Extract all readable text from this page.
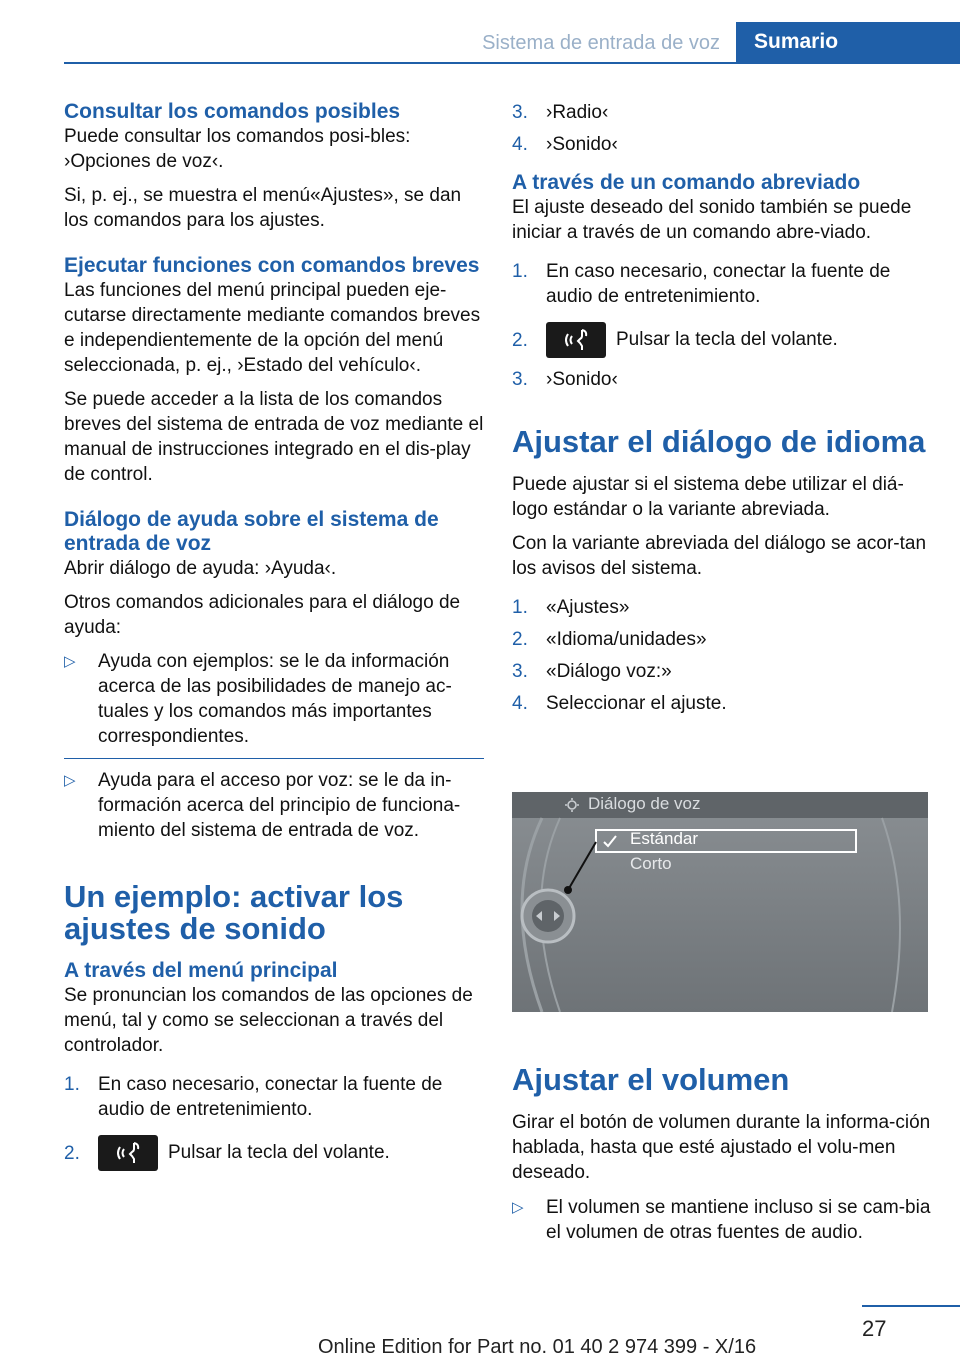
Sistema de entrada de voz	Sumario
Consultar los comandos posibles

Puede consultar los comandos posi‐bles: ›Opciones de voz‹.

Si, p. ej., se muestra el menú«Ajustes», se dan los comandos para los ajustes.

Ejecutar funciones con comandos breves

Las funciones del menú principal pueden eje‐cutarse directamente mediante comandos breves e independientemente de la opción del menú seleccionada, p. ej., ›Estado del vehículo‹.

Se puede acceder a la lista de los comandos breves del sistema de entrada de voz mediante el manual de instrucciones integrado en el dis‐play de control.

Diálogo de ayuda sobre el sistema de entrada de voz

Abrir diálogo de ayuda: ›Ayuda‹.

Otros comandos adicionales para el diálogo de ayuda:

▷	Ayuda con ejemplos: se le da información acerca de las posibilidades de manejo ac‐tuales y los comandos más importantes correspondientes.
▷	Ayuda para el acceso por voz: se le da in‐formación acerca del principio de funciona‐miento del sistema de entrada de voz.
Un ejemplo: activar los ajustes de sonido
A través del menú principal

Se pronuncian los comandos de las opciones de menú, tal y como se seleccionan a través del controlador.

1. En caso necesario, conectar la fuente de audio de entretenimiento.
2.	Pulsar la tecla del volante.
3. ›Radio‹
4. ›Sonido‹
A través de un comando abreviado

El ajuste deseado del sonido también se puede iniciar a través de un comando abre‐viado.

1. En caso necesario, conectar la fuente de audio de entretenimiento.
2.	Pulsar la tecla del volante.
3. ›Sonido‹
Ajustar el diálogo de idioma

Puede ajustar si el sistema debe utilizar el diá‐logo estándar o la variante abreviada.

Con la variante abreviada del diálogo se acor‐tan los avisos del sistema.

1. «Ajustes»
2. «Idioma/unidades»
3. «Diálogo voz:»
4. Seleccionar el ajuste.
Diálogo de voz
Estándar
Corto
Ajustar el volumen

Girar el botón de volumen durante la informa‐ción hablada, hasta que esté ajustado el volu‐men deseado.

▷	El volumen se mantiene incluso si se cam‐bia el volumen de otras fuentes de audio.
27
Online Edition for Part no. 01 40 2 974 399 - X/16
